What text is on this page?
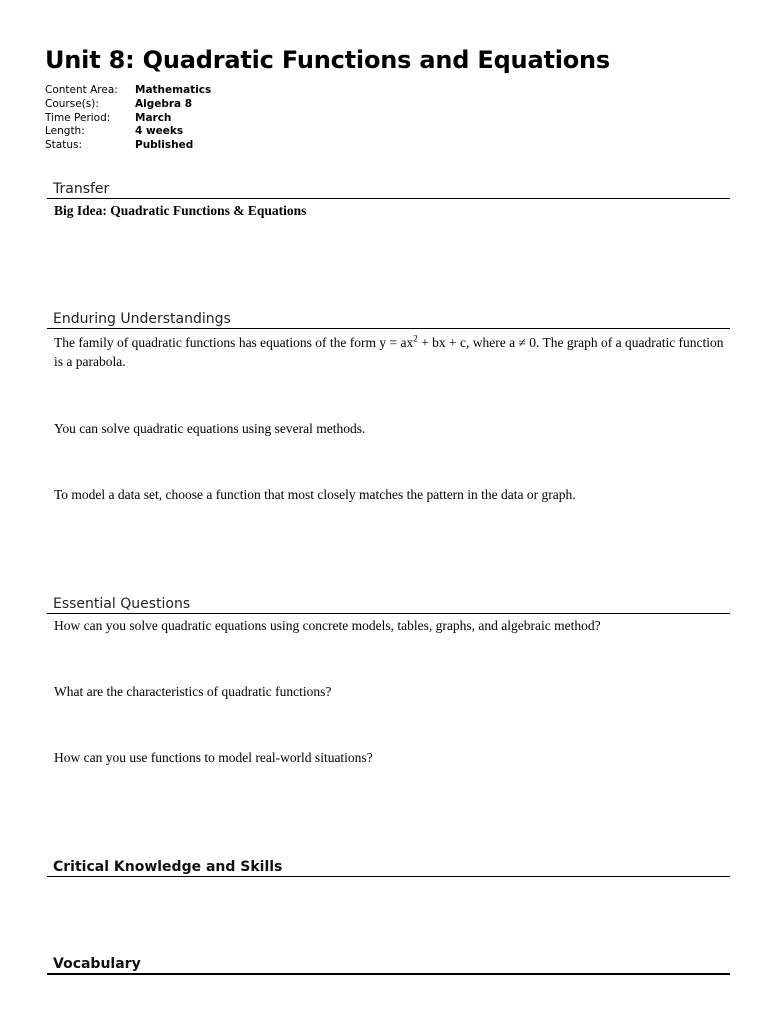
Unit 8: Quadratic Functions and Equations
Content Area:	Mathematics
Course(s):	Algebra 8
Time Period:	March
Length:	4 weeks
Status:	Published
Transfer
Big Idea: Quadratic Functions & Equations
Enduring Understandings
The family of quadratic functions has equations of the form $y = ax^2$ + bx + c, where a ≠ 0. The graph of a quadratic function is a parabola.
You can solve quadratic equations using several methods.
To model a data set, choose a function that most closely matches the pattern in the data or graph.
Essential Questions
How can you solve quadratic equations using concrete models, tables, graphs, and algebraic method?
What are the characteristics of quadratic functions?
How can you use functions to model real-world situations?
Critical Knowledge and Skills
Vocabulary
